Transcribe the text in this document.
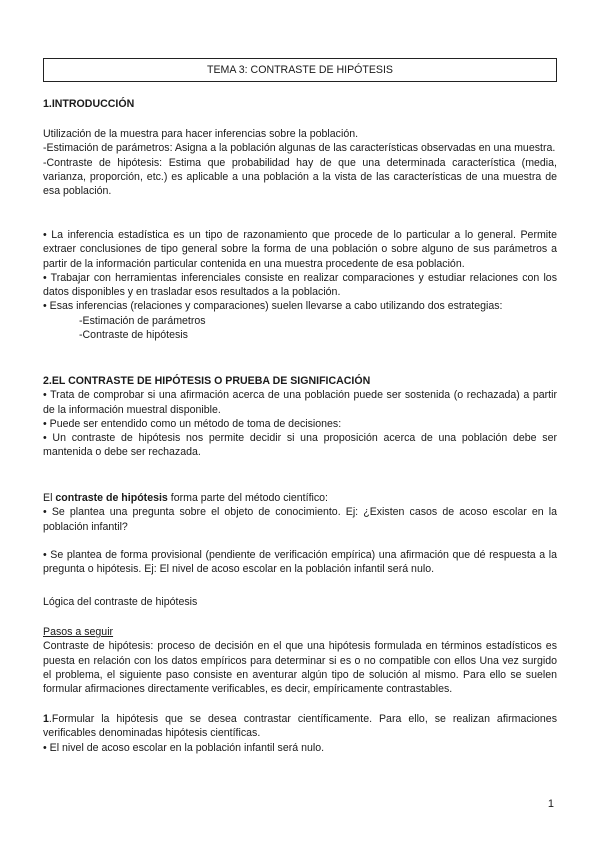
TEMA 3: CONTRASTE DE HIPÓTESIS

1.INTRODUCCIÓN

Utilización de la muestra para hacer inferencias sobre la población.

-Estimación de parámetros: Asigna a la población algunas de las características observadas en una muestra.

-Contraste de hipótesis: Estima que probabilidad hay de que una determinada característica (media, varianza, proporción, etc.) es aplicable a una población a la vista de las características de una muestra de esa población.

• La inferencia estadística es un tipo de razonamiento que procede de lo particular a lo general. Permite extraer conclusiones de tipo general sobre la forma de una población o sobre alguno de sus parámetros a partir de la información particular contenida en una muestra procedente de esa población.

• Trabajar con herramientas inferenciales consiste en realizar comparaciones y estudiar relaciones con los datos disponibles y en trasladar esos resultados a la población.

• Esas inferencias (relaciones y comparaciones) suelen llevarse a cabo utilizando dos estrategias:

-Estimación de parámetros

-Contraste de hipótesis

2.EL CONTRASTE DE HIPÓTESIS O PRUEBA DE SIGNIFICACIÓN

• Trata de comprobar si una afirmación acerca de una población puede ser sostenida (o rechazada) a partir de la información muestral disponible.

• Puede ser entendido como un método de toma de decisiones:

• Un contraste de hipótesis nos permite decidir si una proposición acerca de una población debe ser mantenida o debe ser rechazada.

El contraste de hipótesis forma parte del método científico:

• Se plantea una pregunta sobre el objeto de conocimiento. Ej: ¿Existen casos de acoso escolar en la población infantil?

• Se plantea de forma provisional (pendiente de verificación empírica) una afirmación que dé respuesta a la pregunta o hipótesis. Ej: El nivel de acoso escolar en la población infantil será nulo.

Lógica del contraste de hipótesis

Pasos a seguir

Contraste de hipótesis: proceso de decisión en el que una hipótesis formulada en términos estadísticos es puesta en relación con los datos empíricos para determinar si es o no compatible con ellos Una vez surgido el problema, el siguiente paso consiste en aventurar algún tipo de solución al mismo. Para ello se suelen formular afirmaciones directamente verificables, es decir, empíricamente contrastables.

1.Formular la hipótesis que se desea contrastar científicamente. Para ello, se realizan afirmaciones verificables denominadas hipótesis científicas.

• El nivel de acoso escolar en la población infantil será nulo.

1
